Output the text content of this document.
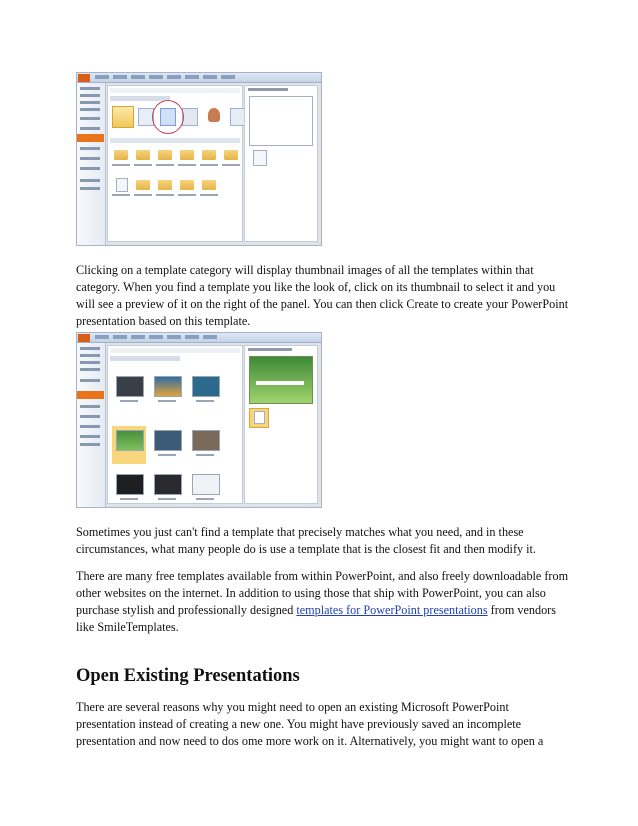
Clicking on a template category will display thumbnail images of all the templates within that category. When you find a template you like the look of, click on its thumbnail to select it and you will see a preview of it on the right of the panel. You can then click Create to create your PowerPoint presentation based on this template.

Sometimes you just can't find a template that precisely matches what you need, and in these circumstances, what many people do is use a template that is the closest fit and then modify it.

There are many free templates available from within PowerPoint, and also freely downloadable from other websites on the internet. In addition to using those that ship with PowerPoint, you can also purchase stylish and professionally designed templates for PowerPoint presentations from vendors like SmileTemplates.

Open Existing Presentations

There are several reasons why you might need to open an existing Microsoft PowerPoint presentation instead of creating a new one. You might have previously saved an incomplete presentation and now need to dos ome more work on it. Alternatively, you might want to open a
